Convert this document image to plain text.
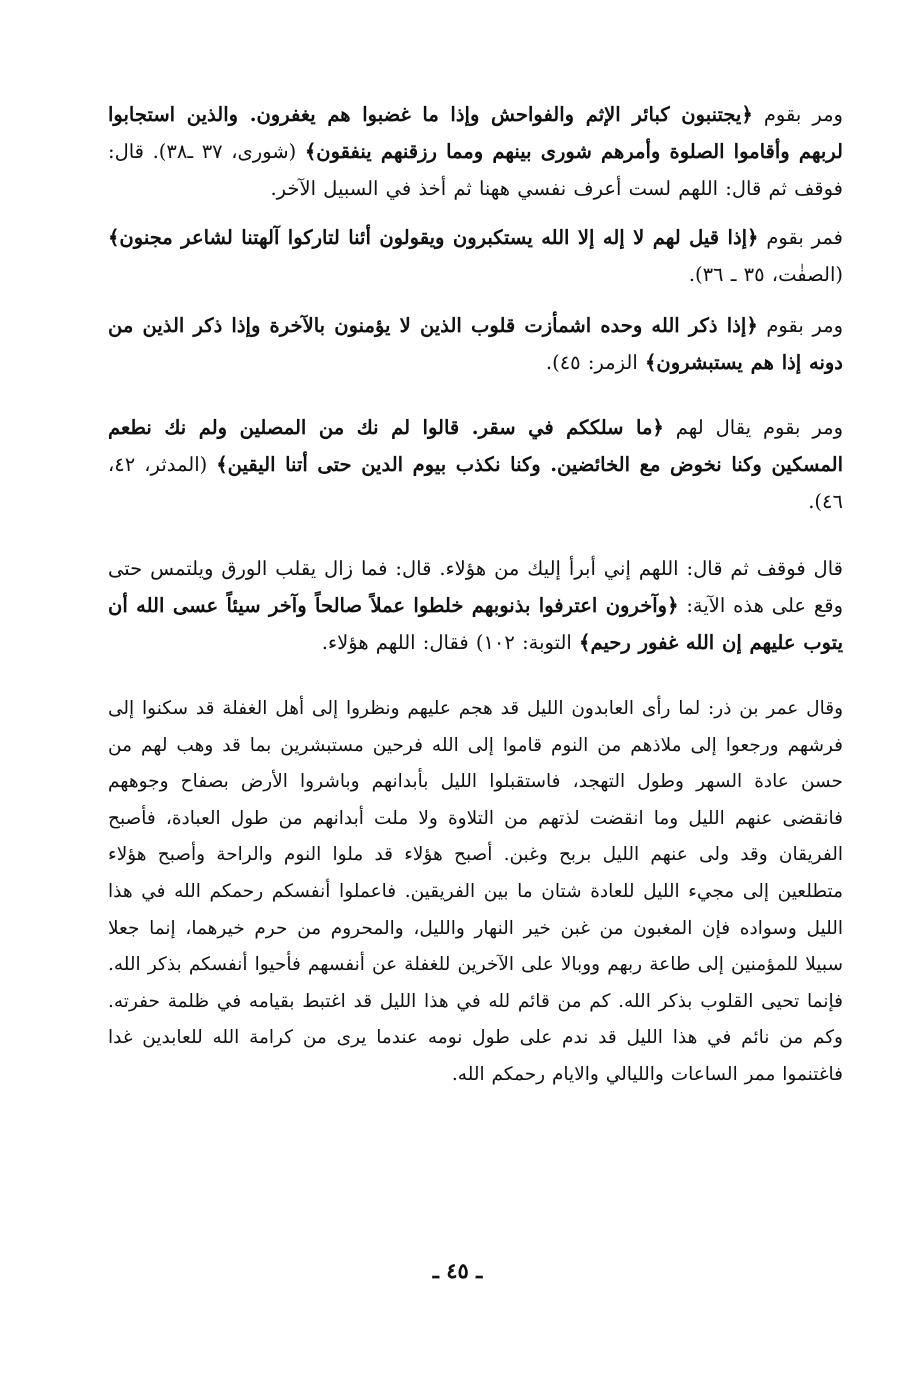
ومر بقوم ﴿يجتنبون كبائر الإثم والفواحش وإذا ما غضبوا هم يغفرون. والذين استجابوا لربهم وأقاموا الصلوة وأمرهم شورى بينهم ومما رزقنهم ينفقون﴾ (شورى، ٣٧ ـ٣٨). قال: فوقف ثم قال: اللهم لست أعرف نفسي ههنا ثم أخذ في السبيل الآخر.

فمر بقوم ﴿إذا قيل لهم لا إله إلا الله يستكبرون ويقولون أئنا لتاركوا آلهتنا لشاعر مجنون﴾ (الصفٰت، ٣٥ ـ ٣٦).

ومر بقوم ﴿إذا ذكر الله وحده اشمأزت قلوب الذين لا يؤمنون بالآخرة وإذا ذكر الذين من دونه إذا هم يستبشرون﴾ الزمر: ٤٥).

ومر بقوم يقال لهم ﴿ما سلككم في سقر. قالوا لم نك من المصلين ولم نك نطعم المسكين وكنا نخوض مع الخائضين. وكنا نكذب بيوم الدين حتى أتنا اليقين﴾ (المدثر، ٤٢، ٤٦).

قال فوقف ثم قال: اللهم إني أبرأ إليك من هؤلاء. قال: فما زال يقلب الورق ويلتمس حتى وقع على هذه الآية: ﴿وآخرون اعترفوا بذنوبهم خلطوا عملاً صالحاً وآخر سيئاً عسى الله أن يتوب عليهم إن الله غفور رحيم﴾ التوبة: ١٠٢) فقال: اللهم هؤلاء.

وقال عمر بن ذر: لما رأى العابدون الليل قد هجم عليهم ونظروا إلى أهل الغفلة قد سكنوا إلى فرشهم ورجعوا إلى ملاذهم من النوم قاموا إلى الله فرحين مستبشرين بما قد وهب لهم من حسن عادة السهر وطول التهجد، فاستقبلوا الليل بأبدانهم وباشروا الأرض بصفاح وجوههم فانقضى عنهم الليل وما انقضت لذتهم من التلاوة ولا ملت أبدانهم من طول العبادة، فأصبح الفريقان وقد ولى عنهم الليل بربح وغبن. أصبح هؤلاء قد ملوا النوم والراحة وأصبح هؤلاء متطلعين إلى مجيء الليل للعادة شتان ما بين الفريقين. فاعملوا أنفسكم رحمكم الله في هذا الليل وسواده فإن المغبون من غبن خير النهار والليل، والمحروم من حرم خيرهما، إنما جعلا سبيلا للمؤمنين إلى طاعة ربهم ووبالا على الآخرين للغفلة عن أنفسهم فأحيوا أنفسكم بذكر الله. فإنما تحيى القلوب بذكر الله. كم من قائم لله في هذا الليل قد اغتبط بقيامه في ظلمة حفرته. وكم من نائم في هذا الليل قد ندم على طول نومه عندما يرى من كرامة الله للعابدين غدا فاغتنموا ممر الساعات والليالي والايام رحمكم الله.

ـ ٤٥ ـ
